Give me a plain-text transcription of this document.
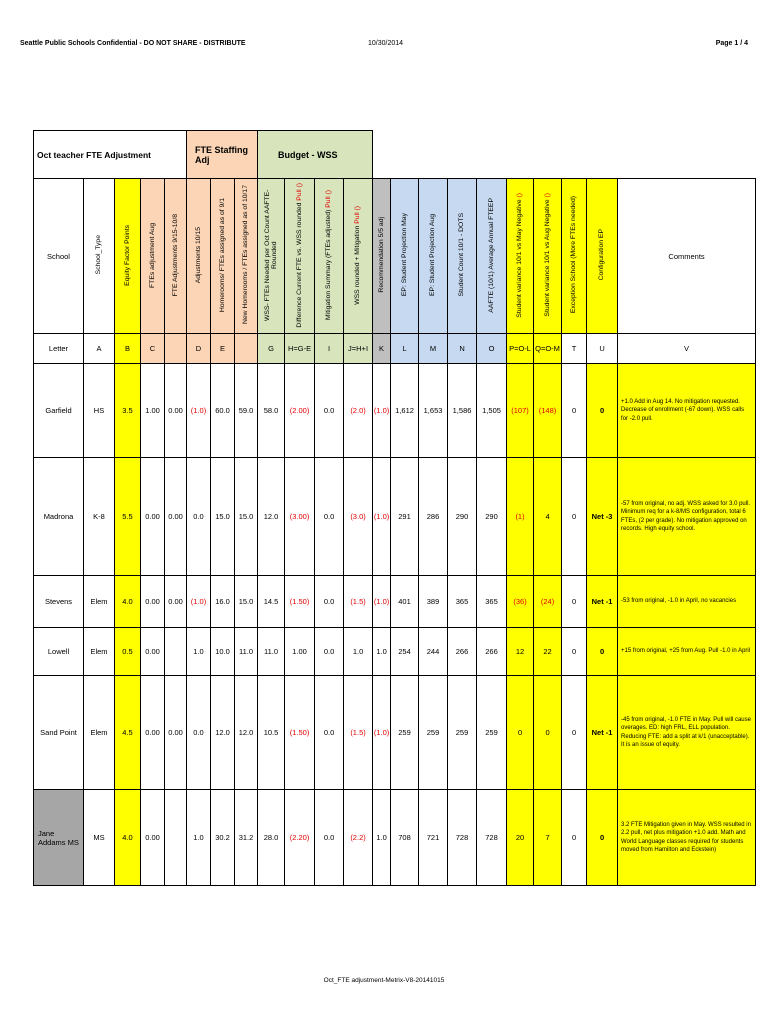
Seattle Public Schools Confidential - DO NOT SHARE - DISTRIBUTE	10/30/2014	Page 1 / 4
Oct teacher FTE Adjustment					FTE Staffing Adj			Budget - WSS													
School	School_Type	Equity Factor Points	FTEs adjustment Aug	FTE Adjustments 9/15-10/8	Adjustments 10/15	Homerooms/ FTEs assigned as of 9/1	New Homerooms / FTEs assigned as of 10/17	WSS- FTEs Needed per Oct Count AAFTE-Rounded	Difference Current FTE vs. WSS rounded Pull ()	Mitigation Summary (FTEs adjusted) Pull ()	WSS rounded + Mitigation Pull ()	Recommendation 5/5 adj	EP: Student Projection May	EP: Student Projection Aug	Student Count 10/1 - DOTS	AAFTE (10/1) Average Annual FTEEP	Student variance 10/1 vs May Negative ()	Student variance 10/1 vs Aug Negative ()	Exception School (More FTEs needed)	Configuration EP	Comments
Letter	A	B	C		D	E		G	H=G-E	I	J=H+I	K	L	M	N	O	P=O-L	Q=O-M	T	U	V
Garfield	HS	3.5	1.00	0.00	(1.0)	60.0	59.0	58.0	(2.00)	0.0	(2.0)	(1.0)	1,612	1,653	1,586	1,505	(107)	(148)	0	0	+1.0 Add in Aug 14. No mitigation requested. Decrease of enrollment (-67 down). WSS calls for -2.0 pull.
Madrona	K-8	5.5	0.00	0.00	0.0	15.0	15.0	12.0	(3.00)	0.0	(3.0)	(1.0)	291	286	290	290	(1)	4	0	Net -3	-57 from original, no adj. WSS asked for 3.0 pull. Minimum req for a k-8/MS configuration, total 6 FTEs, (2 per grade). No mitigation approved on records. High equity school.
Stevens	Elem	4.0	0.00	0.00	(1.0)	16.0	15.0	14.5	(1.50)	0.0	(1.5)	(1.0)	401	389	365	365	(36)	(24)	0	Net -1	-53 from original, -1.0 in April, no vacancies
Lowell	Elem	0.5	0.00		1.0	10.0	11.0	11.0	1.00	0.0	1.0	1.0	254	244	266	266	12	22	0	0	+15 from original, +25 from Aug. Pull -1.0 in April
Sand Point	Elem	4.5	0.00	0.00	0.0	12.0	12.0	10.5	(1.50)	0.0	(1.5)	(1.0)	259	259	259	259	0	0	0	Net -1	-45 from original, -1.0 FTE in May. Pull will cause overages. ED: high FRL, ELL population. Reducing FTE: add a split at k/1 (unacceptable). It is an issue of equity.
Jane Addams MS	MS	4.0	0.00		1.0	30.2	31.2	28.0	(2.20)	0.0	(2.2)	1.0	708	721	728	728	20	7	0	0	3.2 FTE Mitigation given in May. WSS resulted in 2.2 pull, net plus mitigation +1.0 add. Math and World Language classes required for students moved from Hamilton and Eckstein)
Oct_FTE adjustment-Metrix-V8-20141015
